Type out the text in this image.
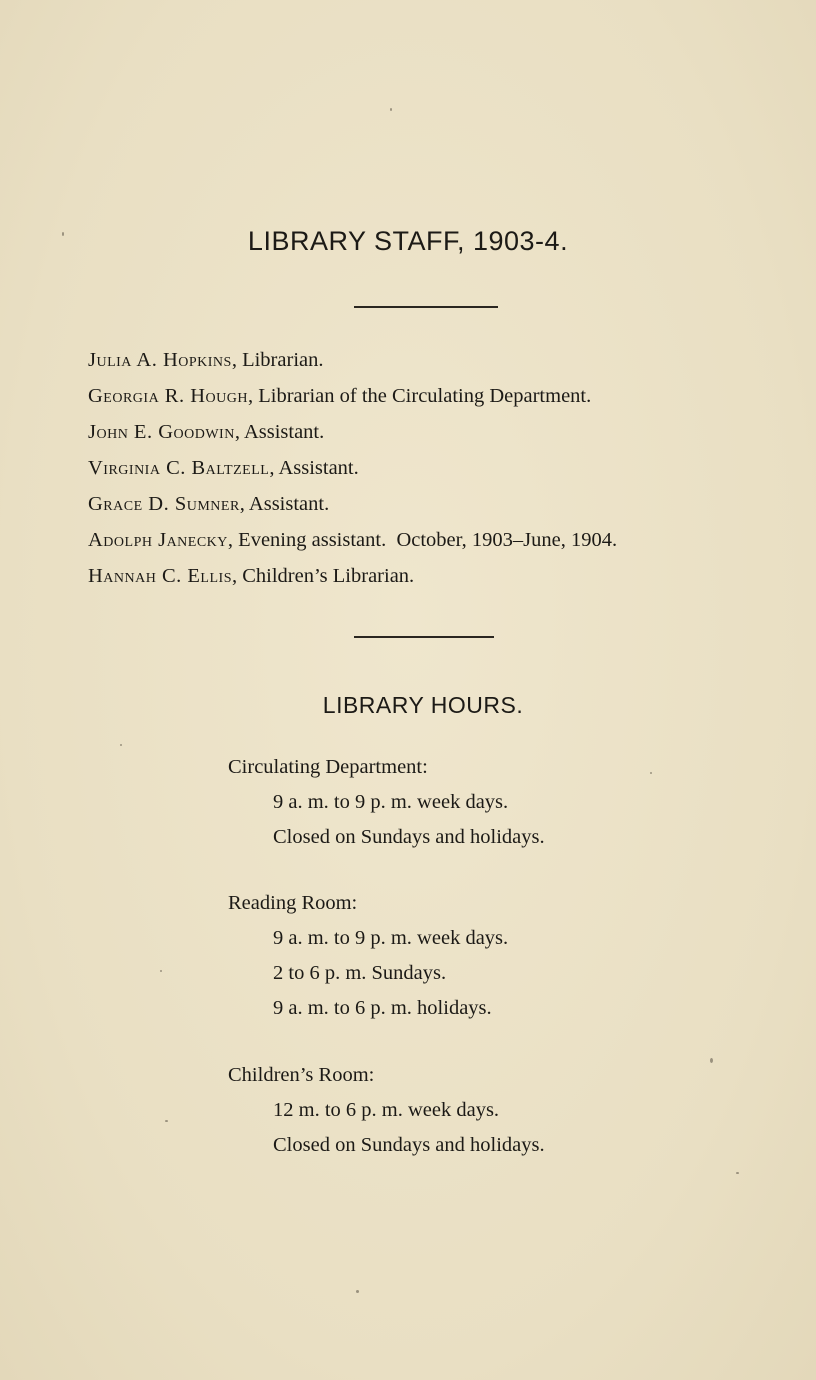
LIBRARY STAFF, 1903-4.
Julia A. Hopkins, Librarian.
Georgia R. Hough, Librarian of the Circulating Department.
John E. Goodwin, Assistant.
Virginia C. Baltzell, Assistant.
Grace D. Sumner, Assistant.
Adolph Janecky, Evening assistant.  October, 1903–June, 1904.
Hannah C. Ellis, Children’s Librarian.
LIBRARY HOURS.
Circulating Department:
9 a. m. to 9 p. m. week days.
Closed on Sundays and holidays.
Reading Room:
9 a. m. to 9 p. m. week days.
2 to 6 p. m. Sundays.
9 a. m. to 6 p. m. holidays.
Children’s Room:
12 m. to 6 p. m. week days.
Closed on Sundays and holidays.
